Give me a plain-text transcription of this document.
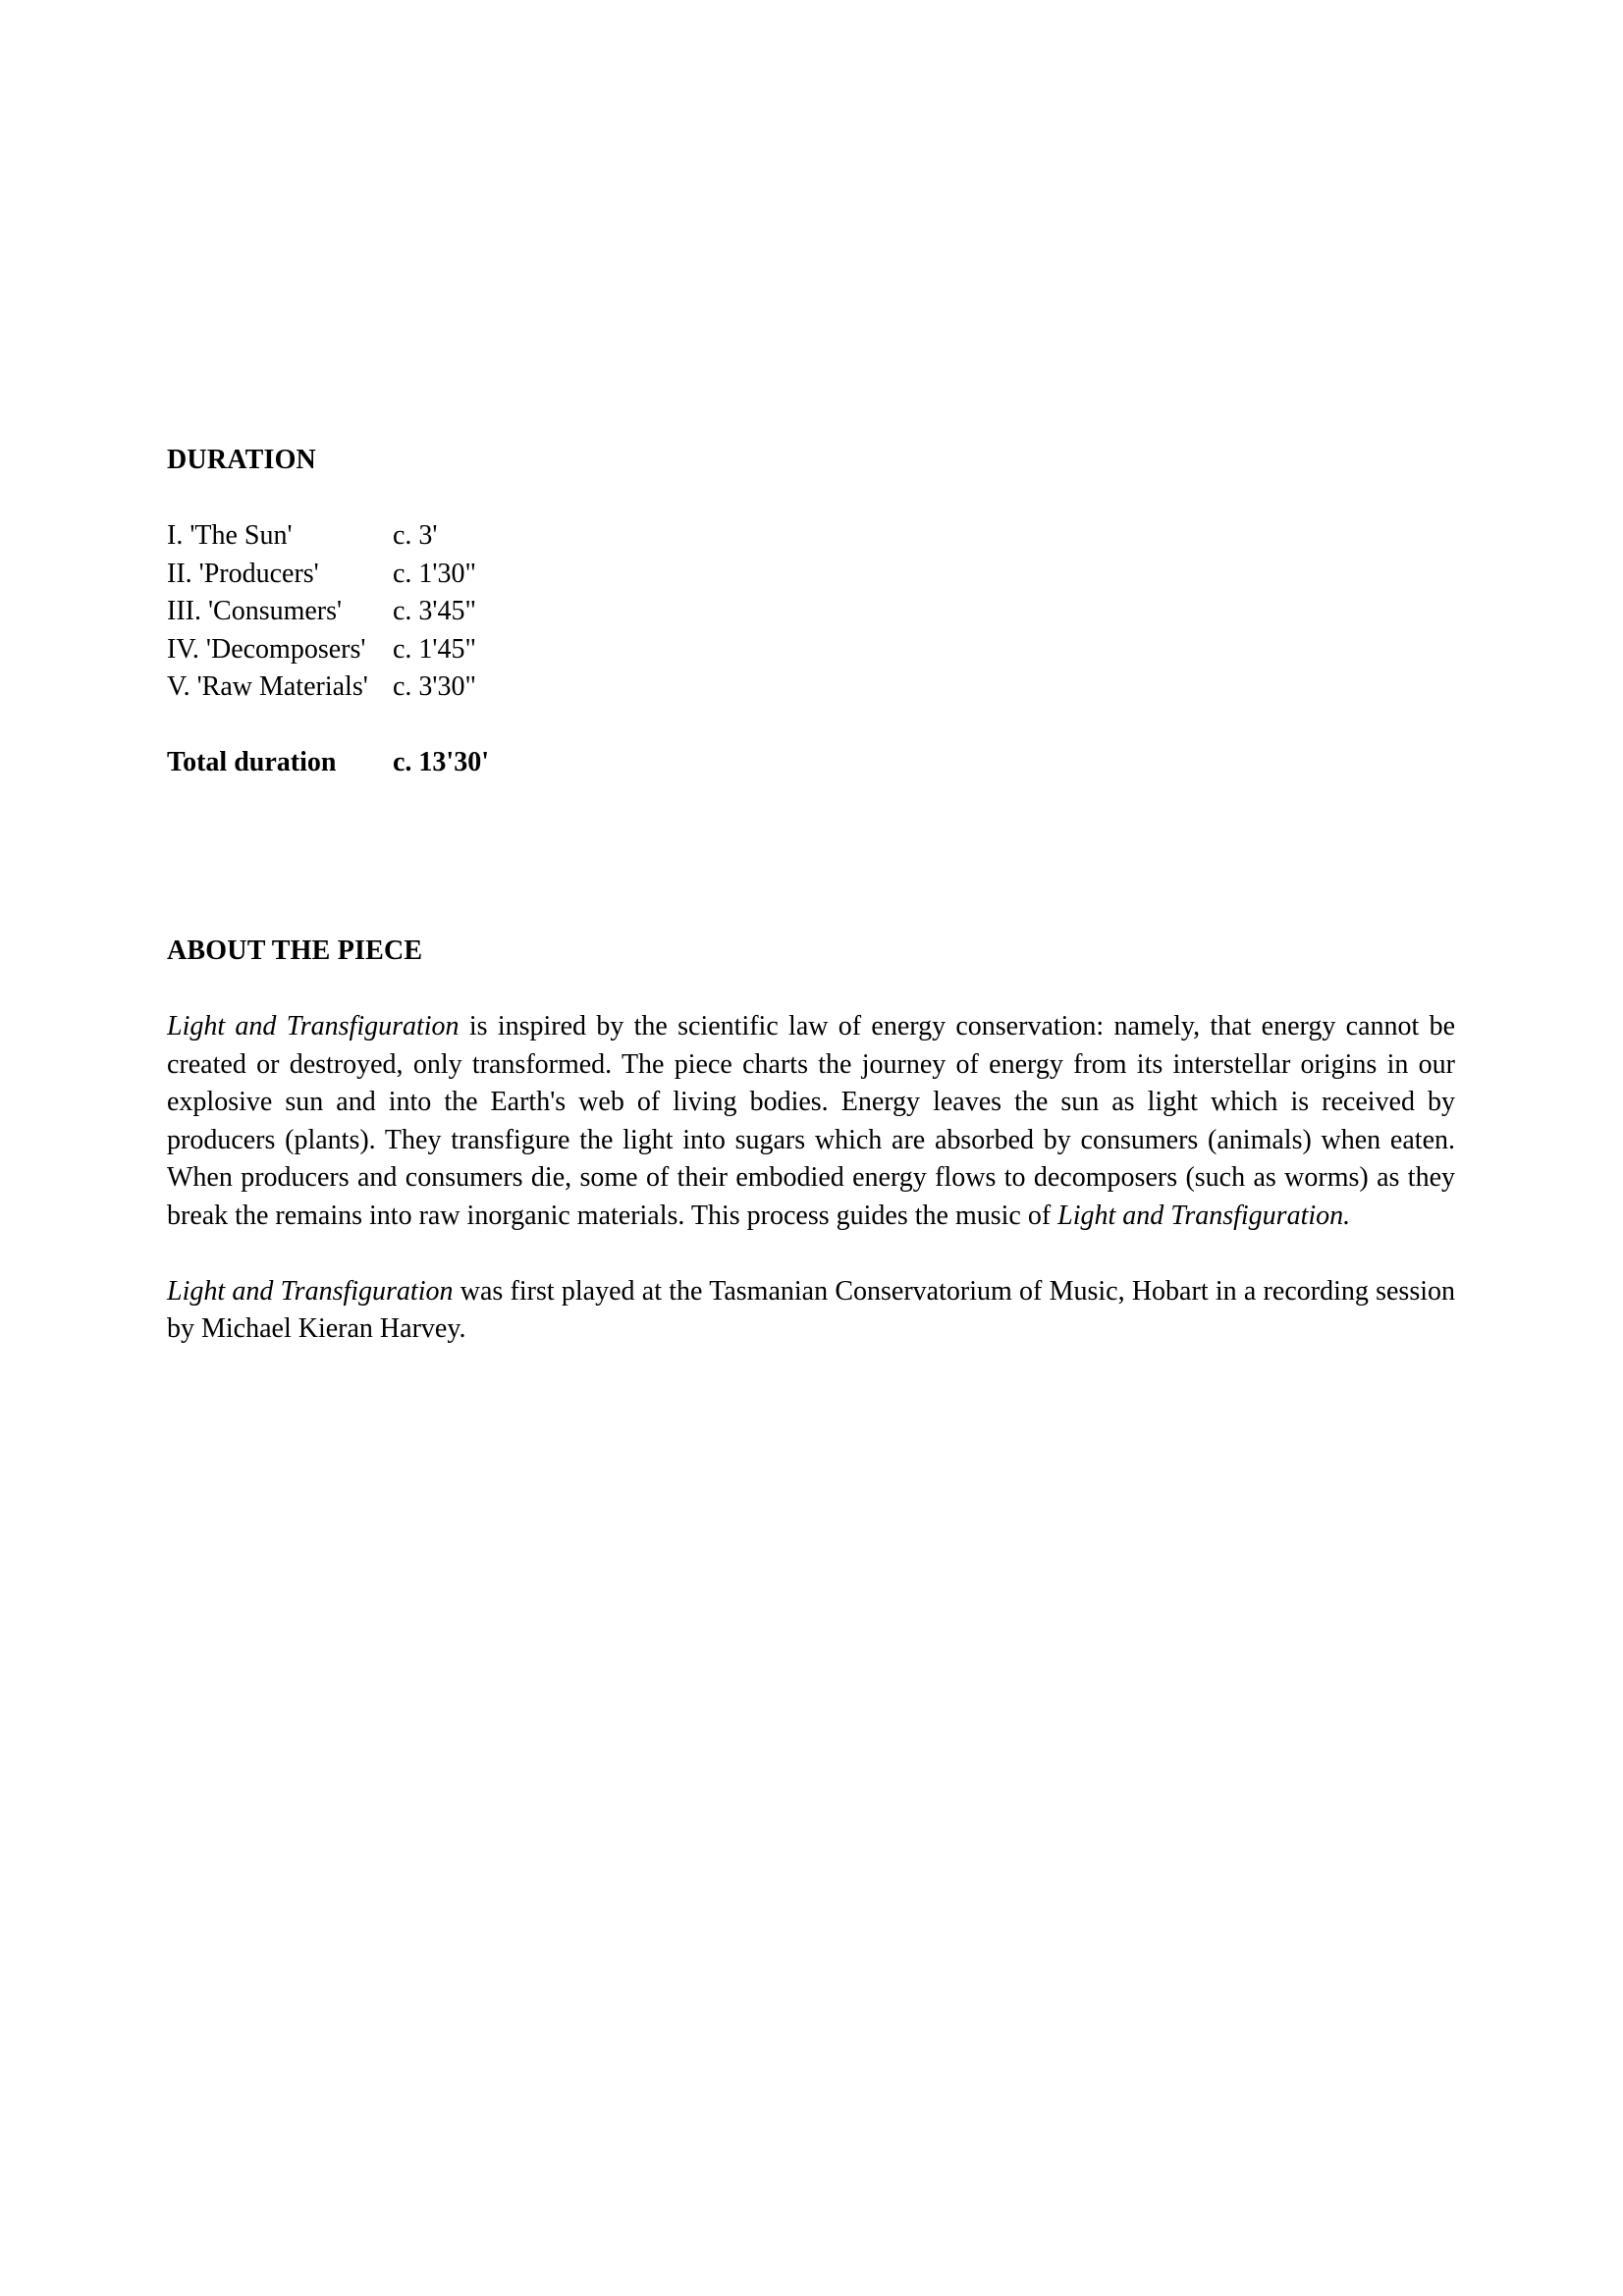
DURATION
I. 'The Sun'	c. 3'
II. 'Producers'	c. 1'30"
III. 'Consumers'	c. 3'45"
IV. 'Decomposers'	c. 1'45"
V. 'Raw Materials'	c. 3'30"
Total duration	c. 13'30'
ABOUT THE PIECE

Light and Transfiguration is inspired by the scientific law of energy conservation: namely, that energy cannot be created or destroyed, only transformed. The piece charts the journey of energy from its interstellar origins in our explosive sun and into the Earth's web of living bodies. Energy leaves the sun as light which is received by producers (plants). They transfigure the light into sugars which are absorbed by consumers (animals) when eaten. When producers and consumers die, some of their embodied energy flows to decomposers (such as worms) as they break the remains into raw inorganic materials. This process guides the music of Light and Transfiguration.

Light and Transfiguration was first played at the Tasmanian Conservatorium of Music, Hobart in a recording session by Michael Kieran Harvey.
